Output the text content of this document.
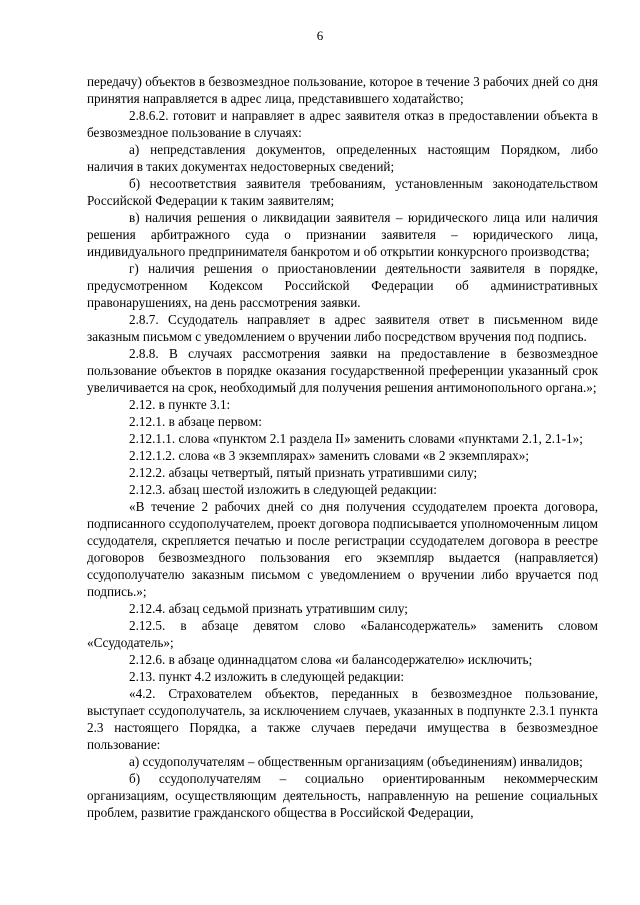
6

передачу) объектов в безвозмездное пользование, которое в течение 3 рабочих дней со дня принятия направляется в адрес лица, представившего ходатайство;

2.8.6.2. готовит и направляет в адрес заявителя отказ в предоставлении объекта в безвозмездное пользование в случаях:

а) непредставления документов, определенных настоящим Порядком, либо наличия в таких документах недостоверных сведений;

б) несоответствия заявителя требованиям, установленным законодательством Российской Федерации к таким заявителям;

в) наличия решения о ликвидации заявителя – юридического лица или наличия решения арбитражного суда о признании заявителя – юридического лица, индивидуального предпринимателя банкротом и об открытии конкурсного производства;

г) наличия решения о приостановлении деятельности заявителя в порядке, предусмотренном Кодексом Российской Федерации об административных правонарушениях, на день рассмотрения заявки.

2.8.7. Ссудодатель направляет в адрес заявителя ответ в письменном виде заказным письмом с уведомлением о вручении либо посредством вручения под подпись.

2.8.8. В случаях рассмотрения заявки на предоставление в безвозмездное пользование объектов в порядке оказания государственной преференции указанный срок увеличивается на срок, необходимый для получения решения антимонопольного органа.»;

2.12. в пункте 3.1:

2.12.1. в абзаце первом:

2.12.1.1. слова «пунктом 2.1 раздела II» заменить словами «пунктами 2.1, 2.1-1»;

2.12.1.2. слова «в 3 экземплярах» заменить словами «в 2 экземплярах»;

2.12.2. абзацы четвертый, пятый признать утратившими силу;

2.12.3. абзац шестой изложить в следующей редакции:

«В течение 2 рабочих дней со дня получения ссудодателем проекта договора, подписанного ссудополучателем, проект договора подписывается уполномоченным лицом ссудодателя, скрепляется печатью и после регистрации ссудодателем договора в реестре договоров безвозмездного пользования его экземпляр выдается (направляется) ссудополучателю заказным письмом с уведомлением о вручении либо вручается под подпись.»;

2.12.4. абзац седьмой признать утратившим силу;

2.12.5. в абзаце девятом слово «Балансодержатель» заменить словом «Ссудодатель»;

2.12.6. в абзаце одиннадцатом слова «и балансодержателю» исключить;

2.13. пункт 4.2 изложить в следующей редакции:

«4.2. Страхователем объектов, переданных в безвозмездное пользование, выступает ссудополучатель, за исключением случаев, указанных в подпункте 2.3.1 пункта 2.3 настоящего Порядка, а также случаев передачи имущества в безвозмездное пользование:

а) ссудополучателям – общественным организациям (объединениям) инвалидов;

б) ссудополучателям – социально ориентированным некоммерческим организациям, осуществляющим деятельность, направленную на решение социальных проблем, развитие гражданского общества в Российской Федерации,
